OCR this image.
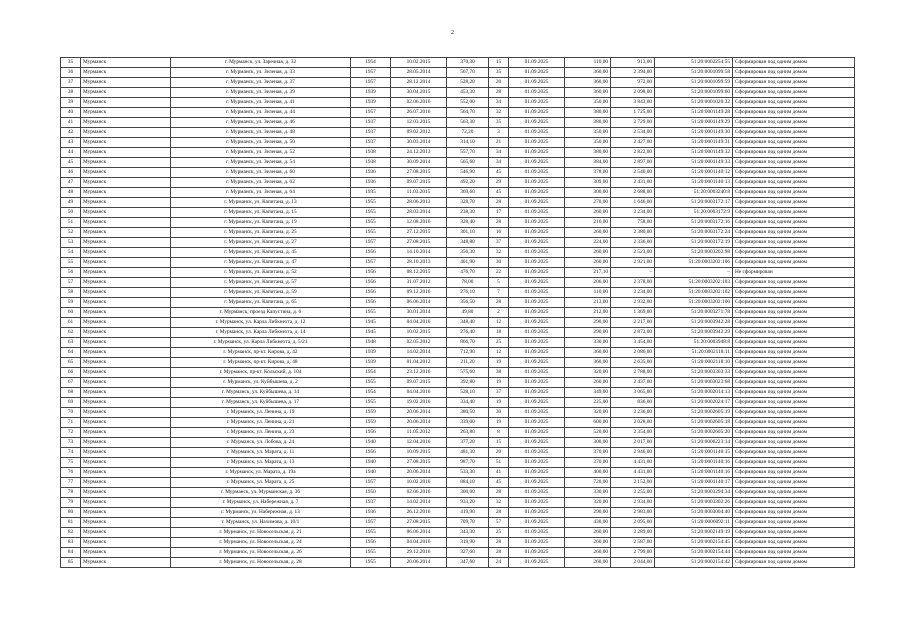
2
35	Мурманск	г. Мурманск, ул. Заречная, д. 32	1954	10.02.2015	370,30	15	01.09.2025	110,00	913,00	51:20:0002254:55	Сформирован под одним домом
36	Мурманск	г. Мурманск, ул. Зеленая, д. 33	1957	28.05.2014	567,70	35	01.09.2025	360,00	2 394,00	51:20:0001099:58	Сформирован под одним домом
37	Мурманск	г. Мурманск, ул. Зеленая, д. 37	1957	28.12.2014	528,20	20	01.09.2025	360,00	972,00	51:20:0001099:59	Сформирован под одним домом
38	Мурманск	г. Мурманск, ул. Зеленая, д. 39	1939	30.04.2015	453,30	28	01.09.2025	360,00	2 098,00	51:20:0001099:60	Сформирован под одним домом
39	Мурманск	г. Мурманск, ул. Зеленая, д. 41	1939	02.06.2016	552,00	34	01.09.2025	350,00	3 843,00	51:20:0001020:32	Сформирован под одним домом
40	Мурманск	г. Мурманск, ул. Зеленая, д. 44	1957	26.07.2016	564,70	32	01.09.2025	380,00	1 725,00	51:20:0001149:28	Сформирован под одним домом
41	Мурманск	г. Мурманск, ул. Зеленая, д. 46	1937	12.03.2015	563,30	35	01.09.2025	380,00	2 729,00	51:20:0001149:29	Сформирован под одним домом
42	Мурманск	г. Мурманск, ул. Зеленая, д. 48	1937	09.02.2012	72,20	3	01.09.2025	350,00	2 534,00	51:20:0001149:30	Сформирован под одним домом
43	Мурманск	г. Мурманск, ул. Зеленая, д. 50	1937	30.03.2014	314,10	21	01.09.2025	350,00	2 427,00	51:20:0001149:31	Сформирован под одним домом
44	Мурманск	г. Мурманск, ул. Зеленая, д. 52	1938	24.12.2013	557,70	34	01.09.2025	380,00	2 822,00	51:20:0001149:32	Сформирован под одним домом
45	Мурманск	г. Мурманск, ул. Зеленая, д. 54	1938	30.09.2014	565,60	34	01.09.2025	384,00	2 897,00	51:20:0001149:33	Сформирован под одним домом
46	Мурманск	г. Мурманск, ул. Зеленая, д. 60	1936	27.08.2015	546,90	45	01.09.2025	378,00	2 540,00	51:20:0001140:12	Сформирован под одним домом
47	Мурманск	г. Мурманск, ул. Зеленая, д. 62	1936	09.07.2015	492,20	29	01.09.2025	309,00	2 431,00	51:20:0001140:13	Сформирован под одним домом
48	Мурманск	г. Мурманск, ул. Зеленая, д. 64	1935	11.03.2015	369,60	45	01.09.2025	300,00	2 688,00	51:20:0003240:8	Сформирован под одним домом
49	Мурманск	г. Мурманск, ул. Капитана, д. 13	1955	28.06.2013	328,70	28	01.09.2025	270,00	1 646,00	51:20:0003172:17	Сформирован под одним домом
50	Мурманск	г. Мурманск, ул. Капитана, д. 15	1955	28.03.2014	238,30	17	01.09.2025	260,00	2 234,00	51:20:0003172:9	Сформирован под одним домом
51	Мурманск	г. Мурманск, ул. Капитана, д. 19	1955	12.08.2016	328,40	28	01.09.2025	216,00	758,00	51:20:0003172:16	Сформирован под одним домом
52	Мурманск	г. Мурманск, ул. Капитана, д. 25	1955	27.12.2015	301,10	16	01.09.2025	260,00	2 380,00	51:20:0003172:24	Сформирован под одним домом
53	Мурманск	г. Мурманск, ул. Капитана, д. 27	1957	27.08.2015	348,80	37	01.09.2025	224,00	2 336,00	51:20:0003172:19	Сформирован под одним домом
54	Мурманск	г. Мурманск, ул. Капитана, д. 45	1956	14.10.2014	356,30	32	01.09.2025	260,00	2 523,00	51:20:0003202:98	Сформирован под одним домом
55	Мурманск	г. Мурманск, ул. Капитана, д. 47	1957	28.10.2013	401,90	30	01.09.2025	260,00	2 921,00	51:20:0003202:106	Сформирован под одним домом
56	Мурманск	г. Мурманск, ул. Капитана, д. 52	1956	08.12.2015	476,70	22	01.09.2025	217,10	–	–	Не сформирован
57	Мурманск	г. Мурманск, ул. Капитана, д. 57	1956	31.07.2012	78,00	5	01.09.2025	206,00	2 378,00	51:20:0003202:103	Сформирован под одним домом
58	Мурманск	г. Мурманск, ул. Капитана, д. 59	1956	09.12.2016	276,10	7	01.09.2025	110,00	2 234,00	51:20:0003202:102	Сформирован под одним домом
59	Мурманск	г. Мурманск, ул. Капитана, д. 65	1956	06.06.2014	356,50	28	01.09.2025	213,00	2 932,00	51:20:0003202:100	Сформирован под одним домом
60	Мурманск	г. Мурманск, проезд Капустина, д. 6	1955	30.01.2014	49,80	2	01.09.2025	212,00	1 369,00	51:20:0003271:78	Сформирован под одним домом
61	Мурманск	г. Мурманск, ул. Карла Либкнехта, д. 12	1945	04.04.2016	348,40	12	01.09.2025	290,00	2 217,00	51:20:0003942:28	Сформирован под одним домом
62	Мурманск	г. Мурманск, ул. Карла Либкнехта, д. 14	1945	10.02.2015	276,40	18	01.09.2025	290,00	2 873,00	51:20:0003942:29	Сформирован под одним домом
63	Мурманск	г. Мурманск, ул. Карла Либкнехта, д. 5/21	1948	02.05.2012	866,70	25	01.09.2025	330,00	3 454,00	51:20:0003948:8	Сформирован под одним домом
64	Мурманск	г. Мурманск, пр-кт. Кирова, д. 42	1939	14.02.2014	712,90	12	01.09.2025	360,00	2 086,00	51:20:0002118:11	Сформирован под одним домом
65	Мурманск	г. Мурманск, пр-кт. Кирова, д. 48	1939	01.04.2012	211,20	19	01.09.2025	360,00	2 635,00	51:20:0002118:10	Сформирован под одним домом
66	Мурманск	г. Мурманск, пр-кт. Кольский, д. 104	1954	23.12.2016	575,60	38	01.09.2025	320,00	2 788,00	51:20:0003303:33	Сформирован под одним домом
67	Мурманск	г. Мурманск, ул. Куйбышева, д. 2	1955	09.07.2015	392,80	19	01.09.2025	260,00	2 437,00	51:20:0003023:68	Сформирован под одним домом
68	Мурманск	г. Мурманск, ул. Куйбышева, д. 14	1954	04.04.2016	528,10	37	01.09.2025	349,00	3 065,00	51:20:0002014:13	Сформирован под одним домом
69	Мурманск	г. Мурманск, ул. Куйбышева, д. 17	1955	19.02.2016	334,40	19	01.09.2025	225,00	836,00	51:20:0002024:17	Сформирован под одним домом
70	Мурманск	г. Мурманск, ул. Ленина, д. 19	1959	20.06.2014	380,50	30	01.09.2025	320,00	2 236,00	51:20:0002605:19	Сформирован под одним домом
71	Мурманск	г. Мурманск, ул. Ленина, д. 21	1959	20.06.2014	339,00	19	01.09.2025	600,00	2 028,00	51:20:0002605:18	Сформирован под одним домом
72	Мурманск	г. Мурманск, ул. Ленина, д. 23	1956	11.05.2012	263,80	8	01.09.2025	520,00	2 354,00	51:20:0002605:20	Сформирован под одним домом
73	Мурманск	г. Мурманск, ул. Лобова, д. 24	1940	12.04.2016	377,20	15	01.09.2025	300,00	2 017,00	51:20:0006223:14	Сформирован под одним домом
74	Мурманск	г. Мурманск, ул. Марата, д. 11	1956	10.09.2015	481,30	20	01.09.2025	370,00	2 946,00	51:20:0001140:15	Сформирован под одним домом
75	Мурманск	г. Мурманск, ул. Марата, д. 13	1940	27.08.2015	987,70	51	01.09.2025	370,00	4 431,00	51:20:0001140:16	Сформирован под одним домом
76	Мурманск	г. Мурманск, ул. Марата, д. 19а	1940	20.06.2014	533,30	41	01.09.2025	400,00	4 431,00	51:20:0001140:16	Сформирован под одним домом
77	Мурманск	г. Мурманск, ул. Марата, д. 25	1957	10.02.2016	884,10	45	01.09.2025	720,00	2 152,00	51:20:0001140:17	Сформирован под одним домом
78	Мурманск	г. Мурманск, ул. Мурманская, д. 36	1950	02.06.2016	300,00	28	01.09.2025	330,00	2 255,00	51:20:0003294:34	Сформирован под одним домом
79	Мурманск	г. Мурманск, ул. Набережная, д. 7	1937	14.02.2014	933,20	32	01.09.2025	320,00	2 934,00	51:20:0003302:26	Сформирован под одним домом
80	Мурманск	г. Мурманск, ул. Набережная, д. 13	1936	26.12.2016	419,90	28	01.09.2025	290,00	2 983,00	51:20:0003004:40	Сформирован под одним домом
81	Мурманск	г. Мурманск, ул. Нахимова, д. 10/1	1957	27.08.2015	709,70	57	01.09.2025	430,00	2 095,00	51:20:0006092:11	Сформирован под одним домом
82	Мурманск	г. Мурманск, ул. Новосельская, д. 21	1955	06.06.2014	343,30	25	01.09.2025	260,00	2 289,00	51:20:0002149:19	Сформирован под одним домом
83	Мурманск	г. Мурманск, ул. Новосельская, д. 24	1956	04.04.2016	319,90	28	01.09.2025	260,00	2 587,00	51:20:0002154:45	Сформирован под одним домом
84	Мурманск	г. Мурманск, ул. Новосельская, д. 26	1955	29.12.2016	327,60	28	01.09.2025	260,00	2 799,00	51:20:0002154:44	Сформирован под одним домом
85	Мурманск	г. Мурманск, ул. Новосельская, д. 28	1955	20.06.2014	347,60	24	01.09.2025	260,00	2 044,00	51:20:0002154:42	Сформирован под одним домом
